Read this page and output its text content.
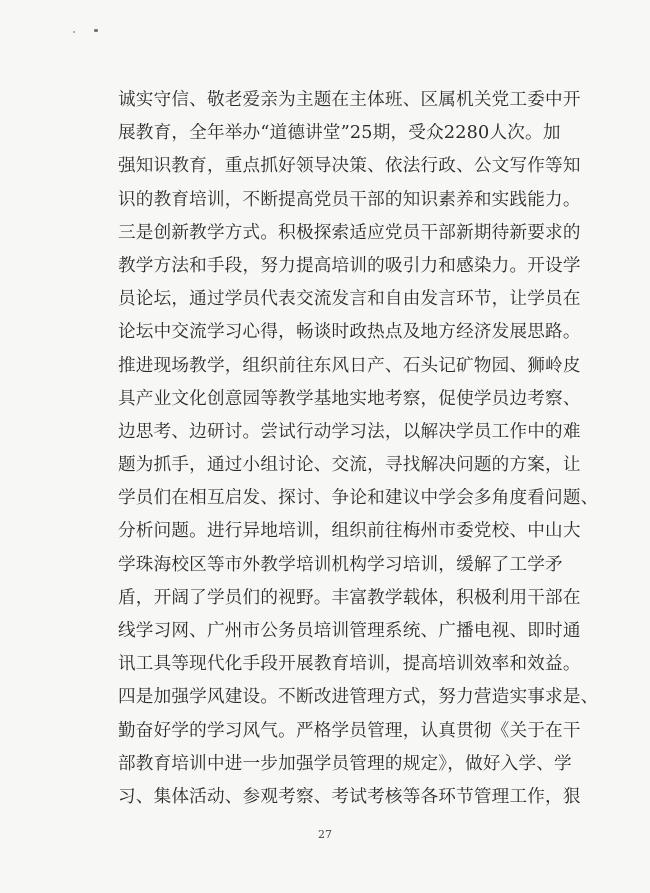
诚实守信、敬老爱亲为主题在主体班、区属机关党工委中开
展教育，全年举办“道德讲堂”25期，受众2280人次。加
强知识教育，重点抓好领导决策、依法行政、公文写作等知
识的教育培训，不断提高党员干部的知识素养和实践能力。
三是创新教学方式。积极探索适应党员干部新期待新要求的
教学方法和手段，努力提高培训的吸引力和感染力。开设学
员论坛，通过学员代表交流发言和自由发言环节，让学员在
论坛中交流学习心得，畅谈时政热点及地方经济发展思路。
推进现场教学，组织前往东风日产、石头记矿物园、狮岭皮
具产业文化创意园等教学基地实地考察，促使学员边考察、
边思考、边研讨。尝试行动学习法，以解决学员工作中的难
题为抓手，通过小组讨论、交流，寻找解决问题的方案，让
学员们在相互启发、探讨、争论和建议中学会多角度看问题、
分析问题。进行异地培训，组织前往梅州市委党校、中山大
学珠海校区等市外教学培训机构学习培训，缓解了工学矛
盾，开阔了学员们的视野。丰富教学载体，积极利用干部在
线学习网、广州市公务员培训管理系统、广播电视、即时通
讯工具等现代化手段开展教育培训，提高培训效率和效益。
四是加强学风建设。不断改进管理方式，努力营造实事求是、
勤奋好学的学习风气。严格学员管理，认真贯彻《关于在干
部教育培训中进一步加强学员管理的规定》，做好入学、学
习、集体活动、参观考察、考试考核等各环节管理工作，狠
27
